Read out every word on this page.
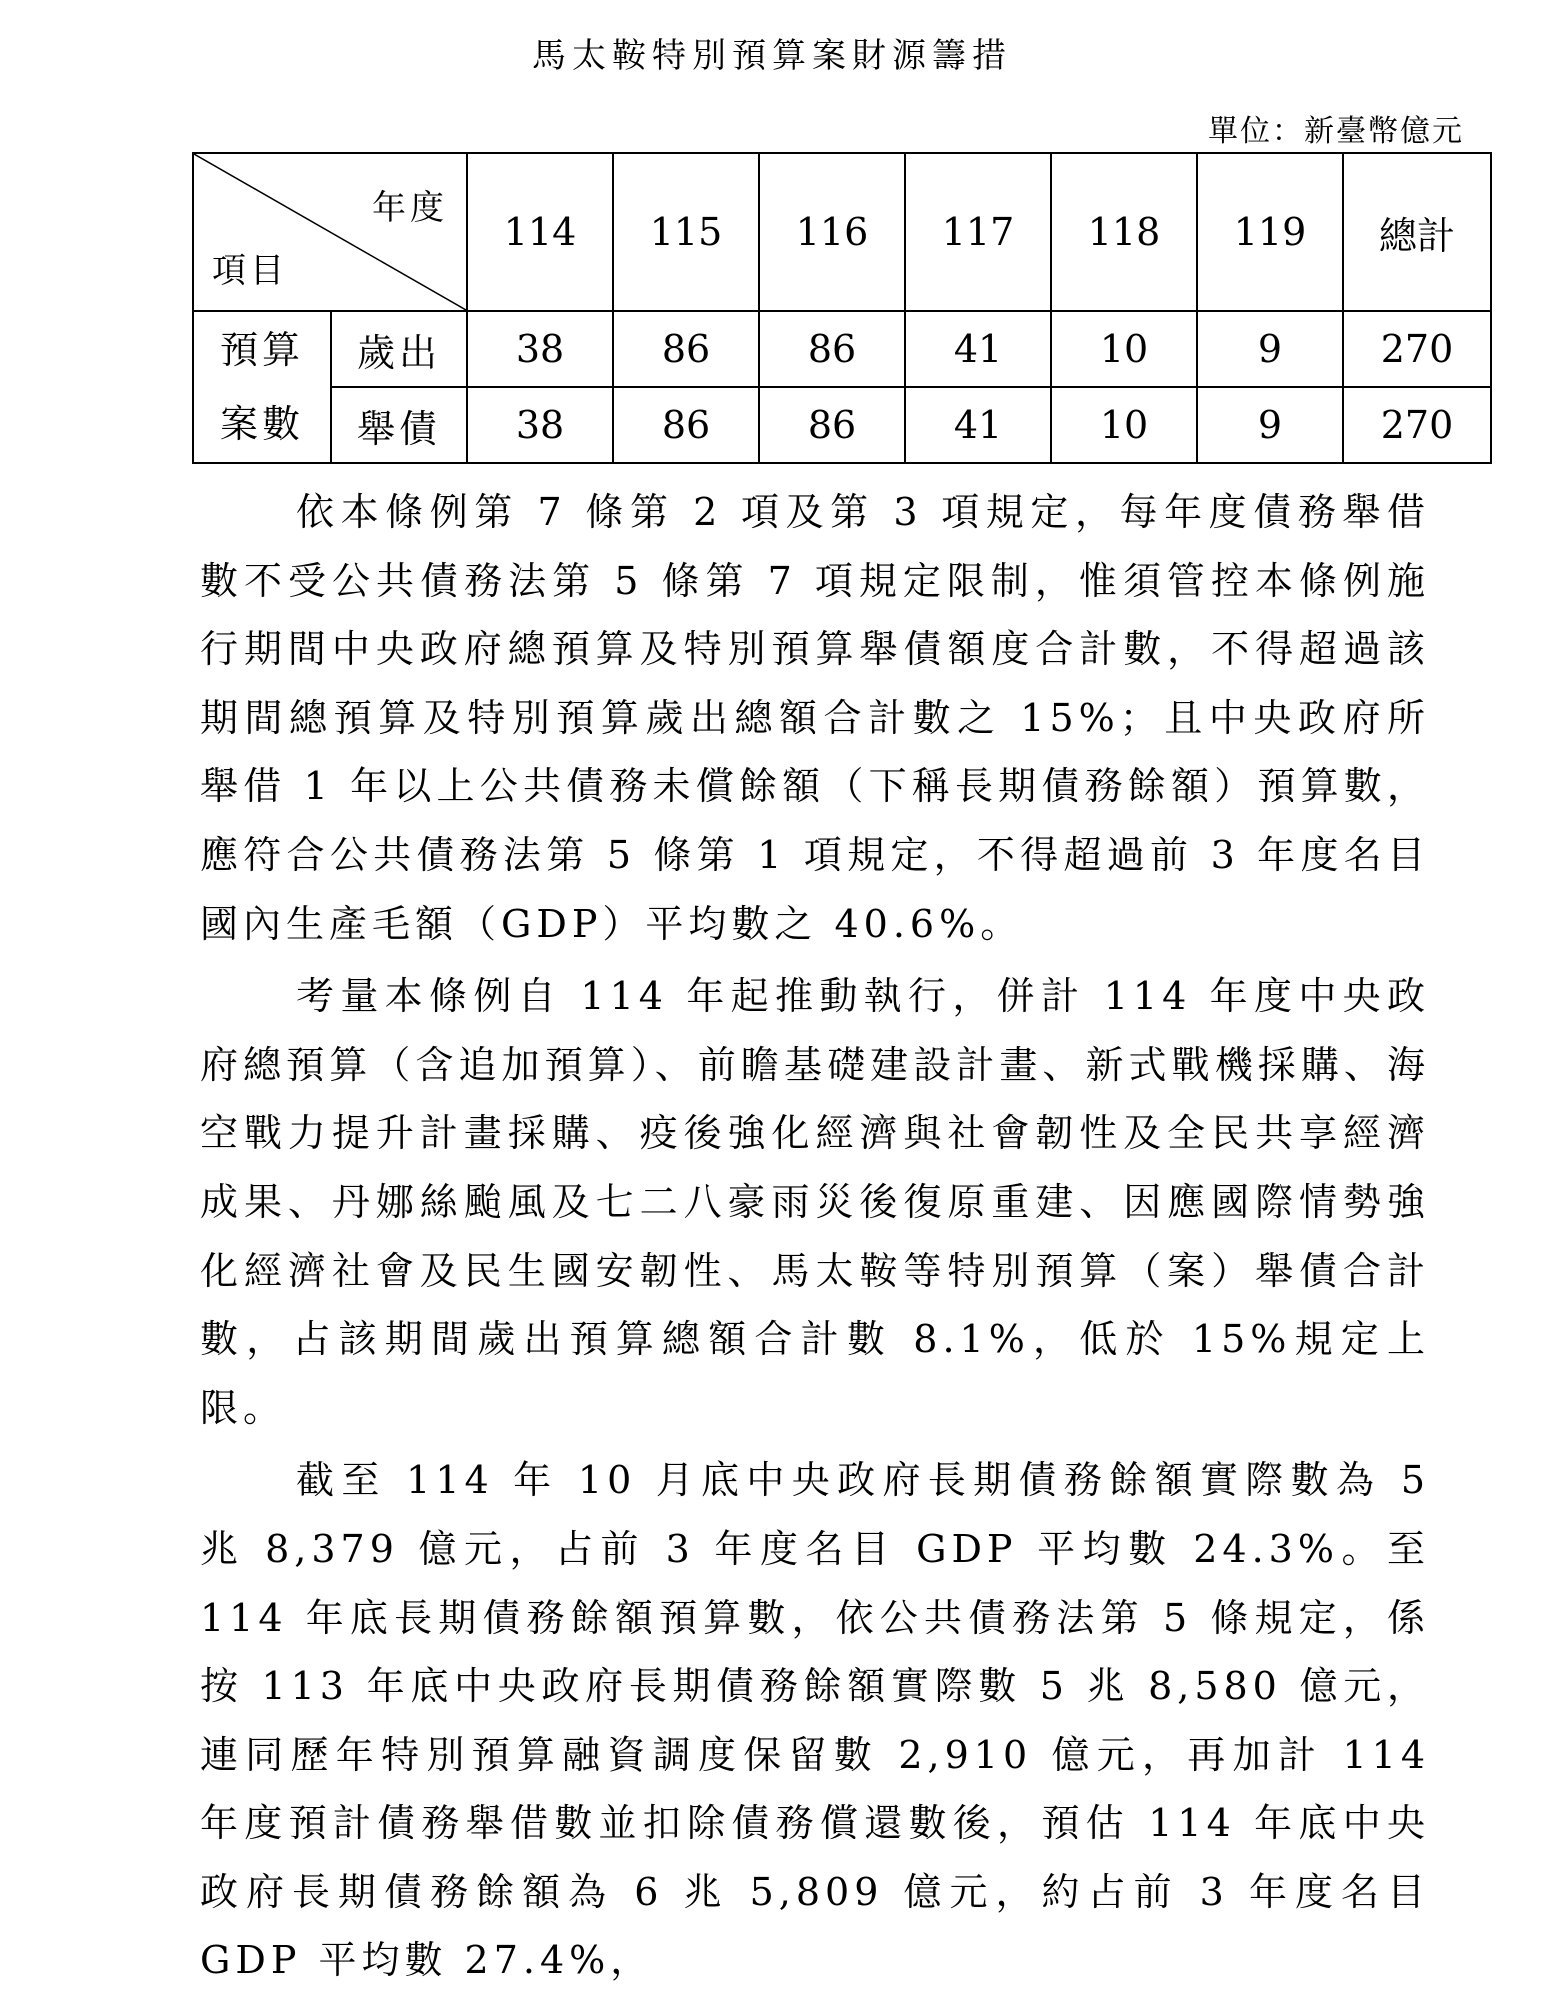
馬太鞍特別預算案財源籌措
單位：新臺幣億元
年度
項目		114	115	116	117	118	119	總計

預算
案數	歲出	38	86	86	41	10	9	270
	舉債	38	86	86	41	10	9	270

依本條例第 7 條第 2 項及第 3 項規定，每年度債務舉借數不受公共債務法第 5 條第 7 項規定限制，惟須管控本條例施行期間中央政府總預算及特別預算舉債額度合計數，不得超過該期間總預算及特別預算歲出總額合計數之 15%；且中央政府所舉借 1 年以上公共債務未償餘額（下稱長期債務餘額）預算數，應符合公共債務法第 5 條第 1 項規定，不得超過前 3 年度名目國內生產毛額（GDP）平均數之 40.6%。

考量本條例自 114 年起推動執行，併計 114 年度中央政府總預算（含追加預算）、前瞻基礎建設計畫、新式戰機採購、海空戰力提升計畫採購、疫後強化經濟與社會韌性及全民共享經濟成果、丹娜絲颱風及七二八豪雨災後復原重建、因應國際情勢強化經濟社會及民生國安韌性、馬太鞍等特別預算（案）舉債合計數，占該期間歲出預算總額合計數 8.1%，低於 15%規定上限。

截至 114 年 10 月底中央政府長期債務餘額實際數為 5 兆 8,379 億元，占前 3 年度名目 GDP 平均數 24.3%。至 114 年底長期債務餘額預算數，依公共債務法第 5 條規定，係按 113 年底中央政府長期債務餘額實際數 5 兆 8,580 億元，連同歷年特別預算融資調度保留數 2,910 億元，再加計 114 年度預計債務舉借數並扣除債務償還數後，預估 114 年底中央政府長期債務餘額為 6 兆 5,809 億元，約占前 3 年度名目 GDP 平均數 27.4%，
